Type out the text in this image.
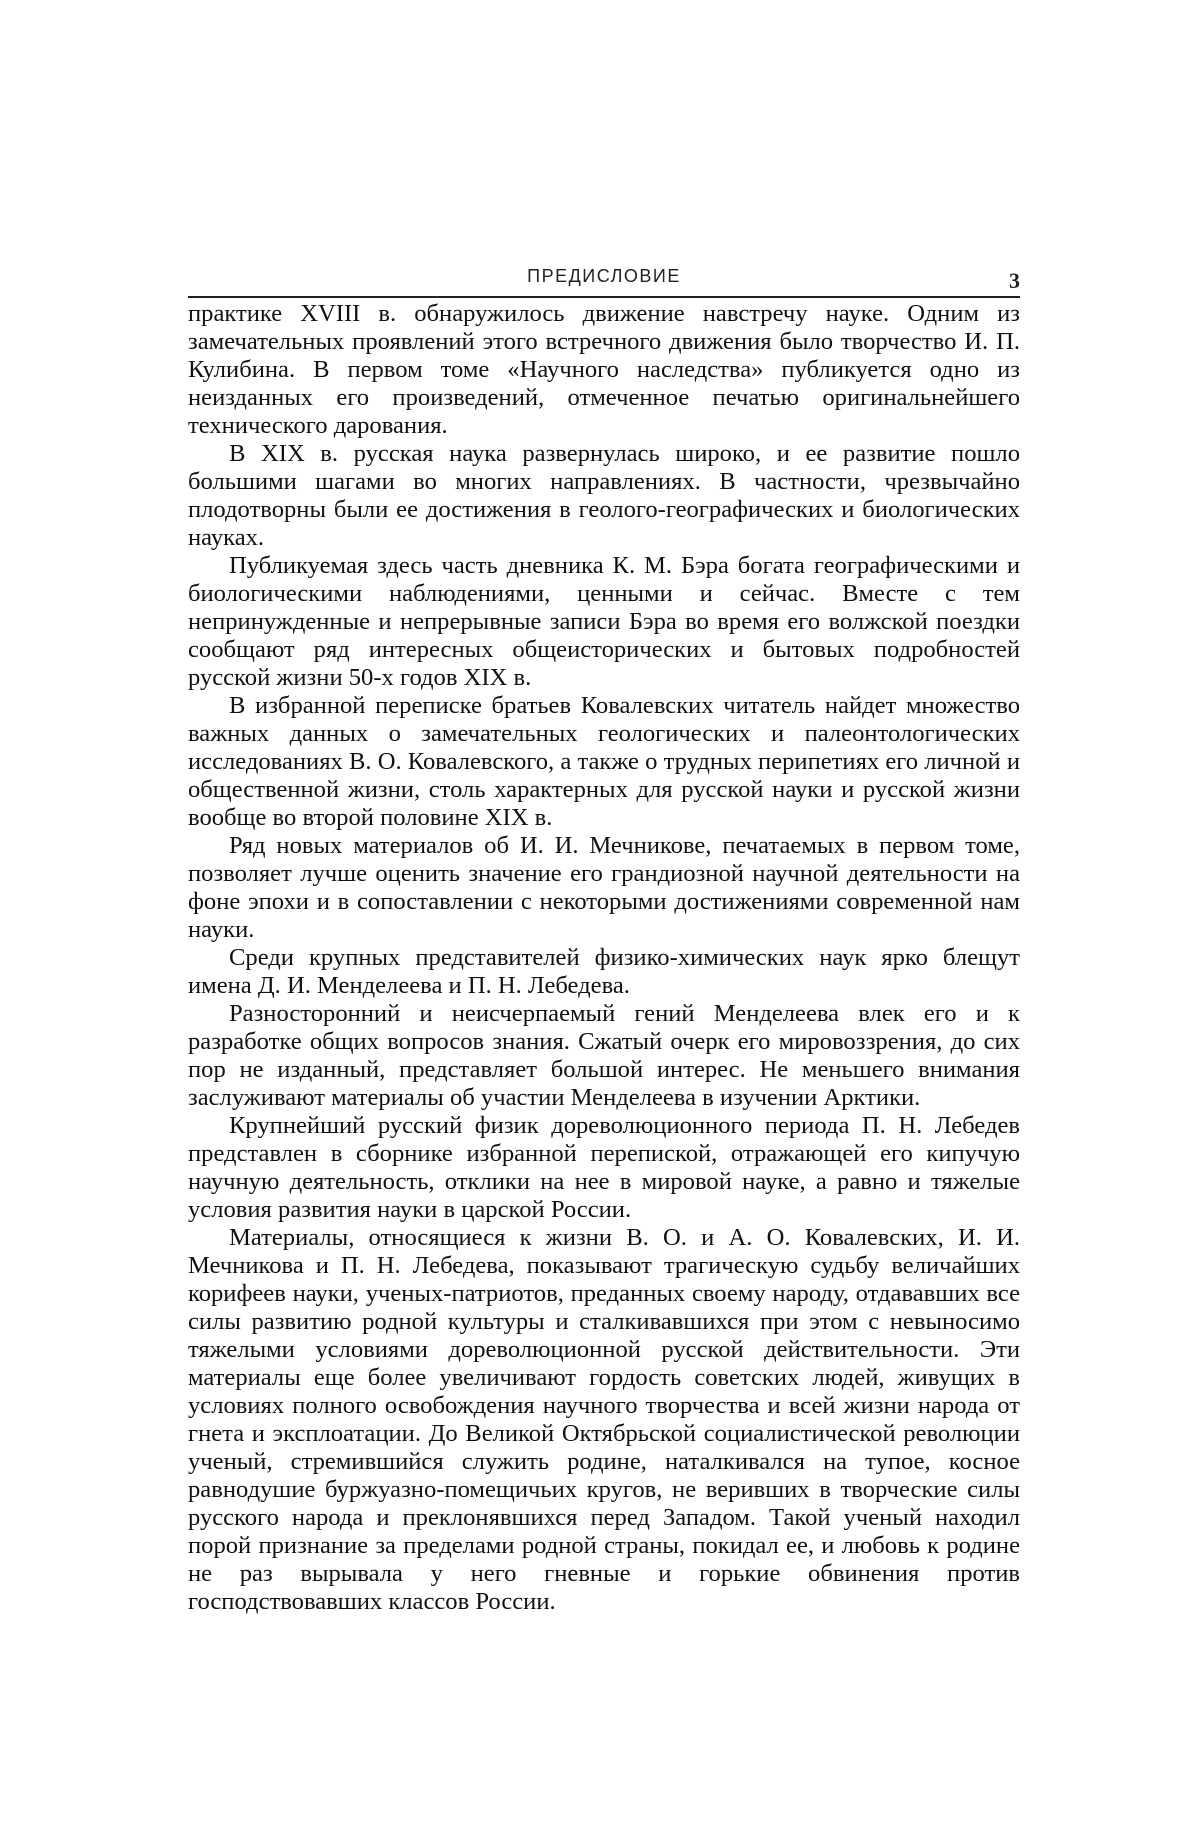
ПРЕДИСЛОВИЕ	3

практике XVIII в. обнаружилось движение навстречу науке. Одним из замечательных проявлений этого встречного движения было творчество И. П. Кулибина. В первом томе «Научного наследства» публикуется одно из неизданных его произведений, отмеченное печатью оригинальнейшего технического дарования.

В XIX в. русская наука развернулась широко, и ее развитие пошло большими шагами во многих направлениях. В частности, чрезвычайно плодотворны были ее достижения в геолого-географических и биологических науках.

Публикуемая здесь часть дневника К. М. Бэра богата географическими и биологическими наблюдениями, ценными и сейчас. Вместе с тем непринужденные и непрерывные записи Бэра во время его волжской поездки сообщают ряд интересных общеисторических и бытовых подробностей русской жизни 50-х годов XIX в.

В избранной переписке братьев Ковалевских читатель найдет множество важных данных о замечательных геологических и палеонтологических исследованиях В. О. Ковалевского, а также о трудных перипетиях его личной и общественной жизни, столь характерных для русской науки и русской жизни вообще во второй половине XIX в.

Ряд новых материалов об И. И. Мечникове, печатаемых в первом томе, позволяет лучше оценить значение его грандиозной научной деятельности на фоне эпохи и в сопоставлении с некоторыми достижениями современной нам науки.

Среди крупных представителей физико-химических наук ярко блещут имена Д. И. Менделеева и П. Н. Лебедева.

Разносторонний и неисчерпаемый гений Менделеева влек его и к разработке общих вопросов знания. Сжатый очерк его мировоззрения, до сих пор не изданный, представляет большой интерес. Не меньшего внимания заслуживают материалы об участии Менделеева в изучении Арктики.

Крупнейший русский физик дореволюционного периода П. Н. Лебедев представлен в сборнике избранной перепиской, отражающей его кипучую научную деятельность, отклики на нее в мировой науке, а равно и тяжелые условия развития науки в царской России.

Материалы, относящиеся к жизни В. О. и А. О. Ковалевских, И. И. Мечникова и П. Н. Лебедева, показывают трагическую судьбу величайших корифеев науки, ученых-патриотов, преданных своему народу, отдававших все силы развитию родной культуры и сталкивавшихся при этом с невыносимо тяжелыми условиями дореволюционной русской действительности. Эти материалы еще более увеличивают гордость советских людей, живущих в условиях полного освобождения научного творчества и всей жизни народа от гнета и эксплоатации. До Великой Октябрьской социалистической революции ученый, стремившийся служить родине, наталкивался на тупое, косное равнодушие буржуазно-помещичьих кругов, не веривших в творческие силы русского народа и преклонявшихся перед Западом. Такой ученый находил порой признание за пределами родной страны, покидал ее, и любовь к родине не раз вырывала у него гневные и горькие обвинения против господствовавших классов России.
